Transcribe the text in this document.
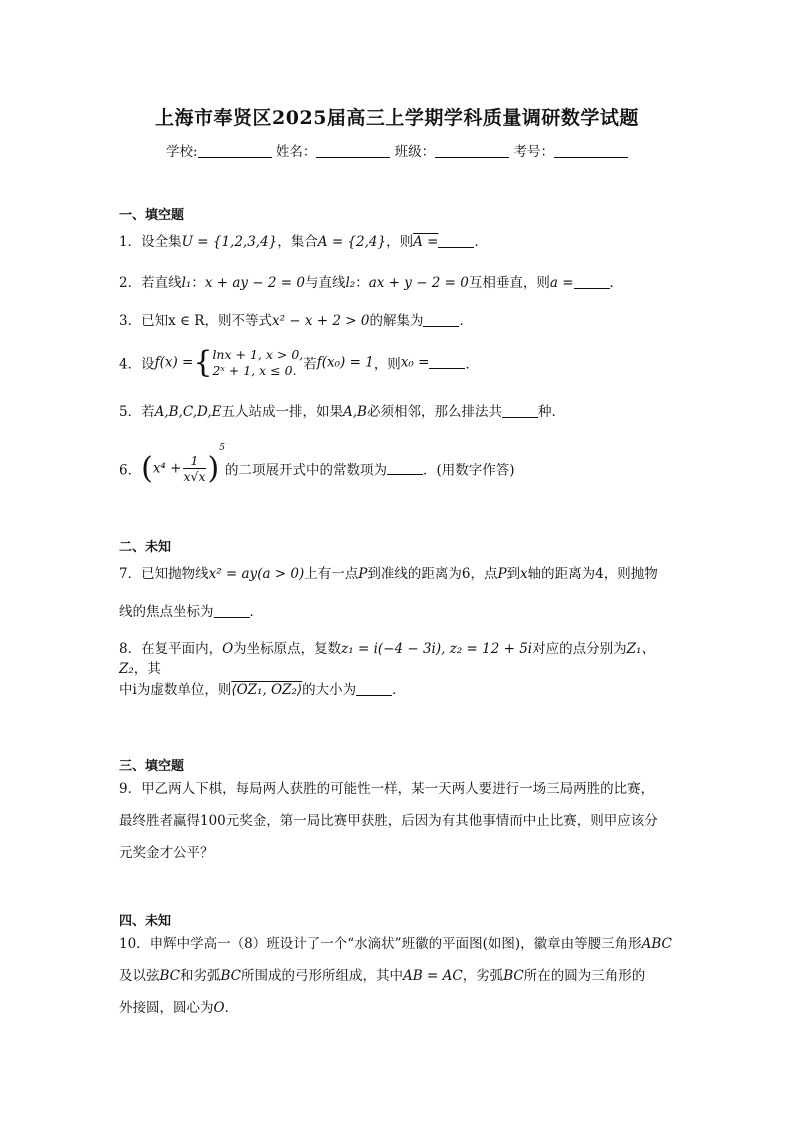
上海市奉贤区2025届高三上学期学科质量调研数学试题
学校:	姓名：	班级：	考号：
一、填空题
1．设全集U = {1,2,3,4}，集合A = {2,4}，则A =	．
2．若直线l₁：x + ay − 2 = 0与直线l₂：ax + y − 2 = 0互相垂直，则a =	．
3．已知x ∈ R，则不等式x² − x + 2 > 0的解集为	．
4．设f(x) ={ lnx + 1, x > 0,
2ˣ + 1, x ≤ 0. 若f(x₀) = 1，则x₀ =	．
5．若A,B,C,D,E五人站成一排，如果A,B必须相邻，那么排法共	种.
6．$(x^4 + \frac{1}{x√x} )^5$的二项展开式中的常数项为	．(用数字作答)
二、未知
7．已知抛物线x² = ay(a > 0)上有一点P到准线的距离为6，点P到x轴的距离为4，则抛物
线的焦点坐标为	．
8．在复平面内，O为坐标原点，复数z₁ = i(−4 − 3i), z₂ = 12 + 5i对应的点分别为Z₁、Z₂，其
中i为虚数单位，则⟨OZ₁, OZ₂⟩的大小为	．
三、填空题
9．甲乙两人下棋，每局两人获胜的可能性一样，某一天两人要进行一场三局两胜的比赛，
最终胜者赢得100元奖金，第一局比赛甲获胜，后因为有其他事情而中止比赛，则甲应该分
元奖金才公平？
四、未知
10．申辉中学高一（8）班设计了一个“水滴状”班徽的平面图(如图)，徽章由等腰三角形ABC
及以弦BC和劣弧BC所围成的弓形所组成，其中AB = AC，劣弧BC所在的圆为三角形的
外接圆，圆心为O．
